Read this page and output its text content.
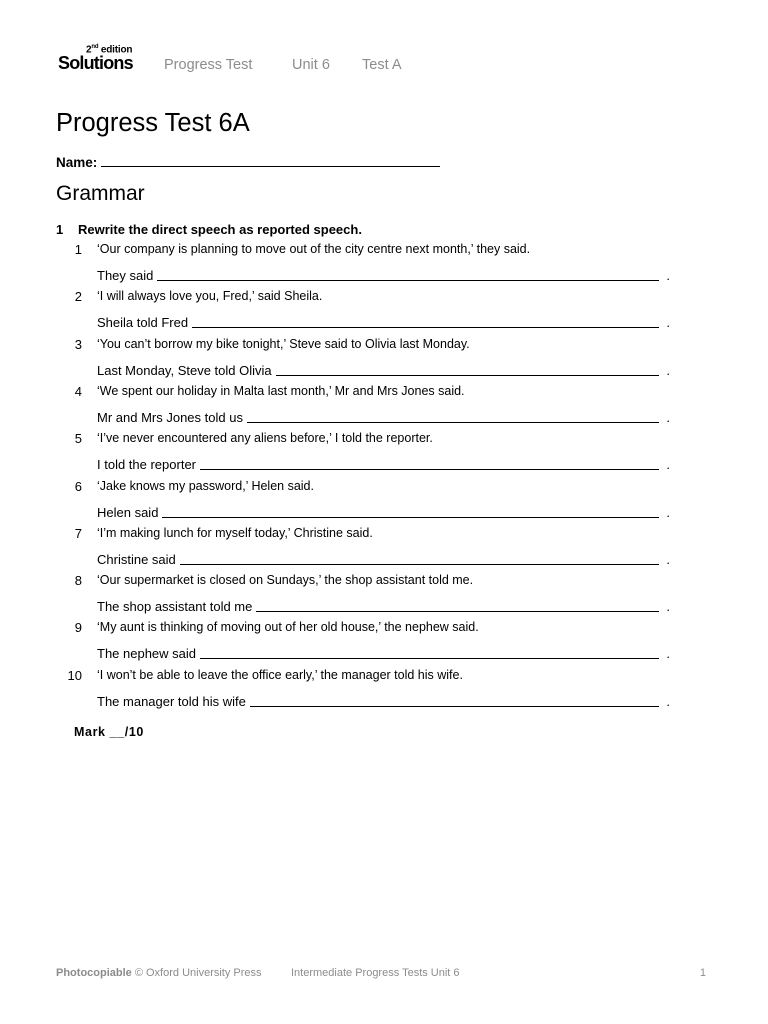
2nd edition
Solutions Progress Test	Unit 6 Test A
Progress Test 6A
Name:
Grammar
1 Rewrite the direct speech as reported speech.
1 ‘Our company is planning to move out of the city centre next month,’ they said.
They said	.
2 ‘I will always love you, Fred,’ said Sheila.
Sheila told Fred	.
3 ‘You can’t borrow my bike tonight,’ Steve said to Olivia last Monday.
Last Monday, Steve told Olivia	.
4 ‘We spent our holiday in Malta last month,’ Mr and Mrs Jones said.
Mr and Mrs Jones told us	.
5 ‘I’ve never encountered any aliens before,’ I told the reporter.
I told the reporter	.
6 ‘Jake knows my password,’ Helen said.
Helen said	.
7 ‘I’m making lunch for myself today,’ Christine said.
Christine said	.
8 ‘Our supermarket is closed on Sundays,’ the shop assistant told me.
The shop assistant told me	.
9 ‘My aunt is thinking of moving out of her old house,’ the nephew said.
The nephew said	.
10 ‘I won’t be able to leave the office early,’ the manager told his wife.
The manager told his wife	.
Mark __/10
Photocopiable © Oxford University Press	Intermediate Progress Tests Unit 6	1
